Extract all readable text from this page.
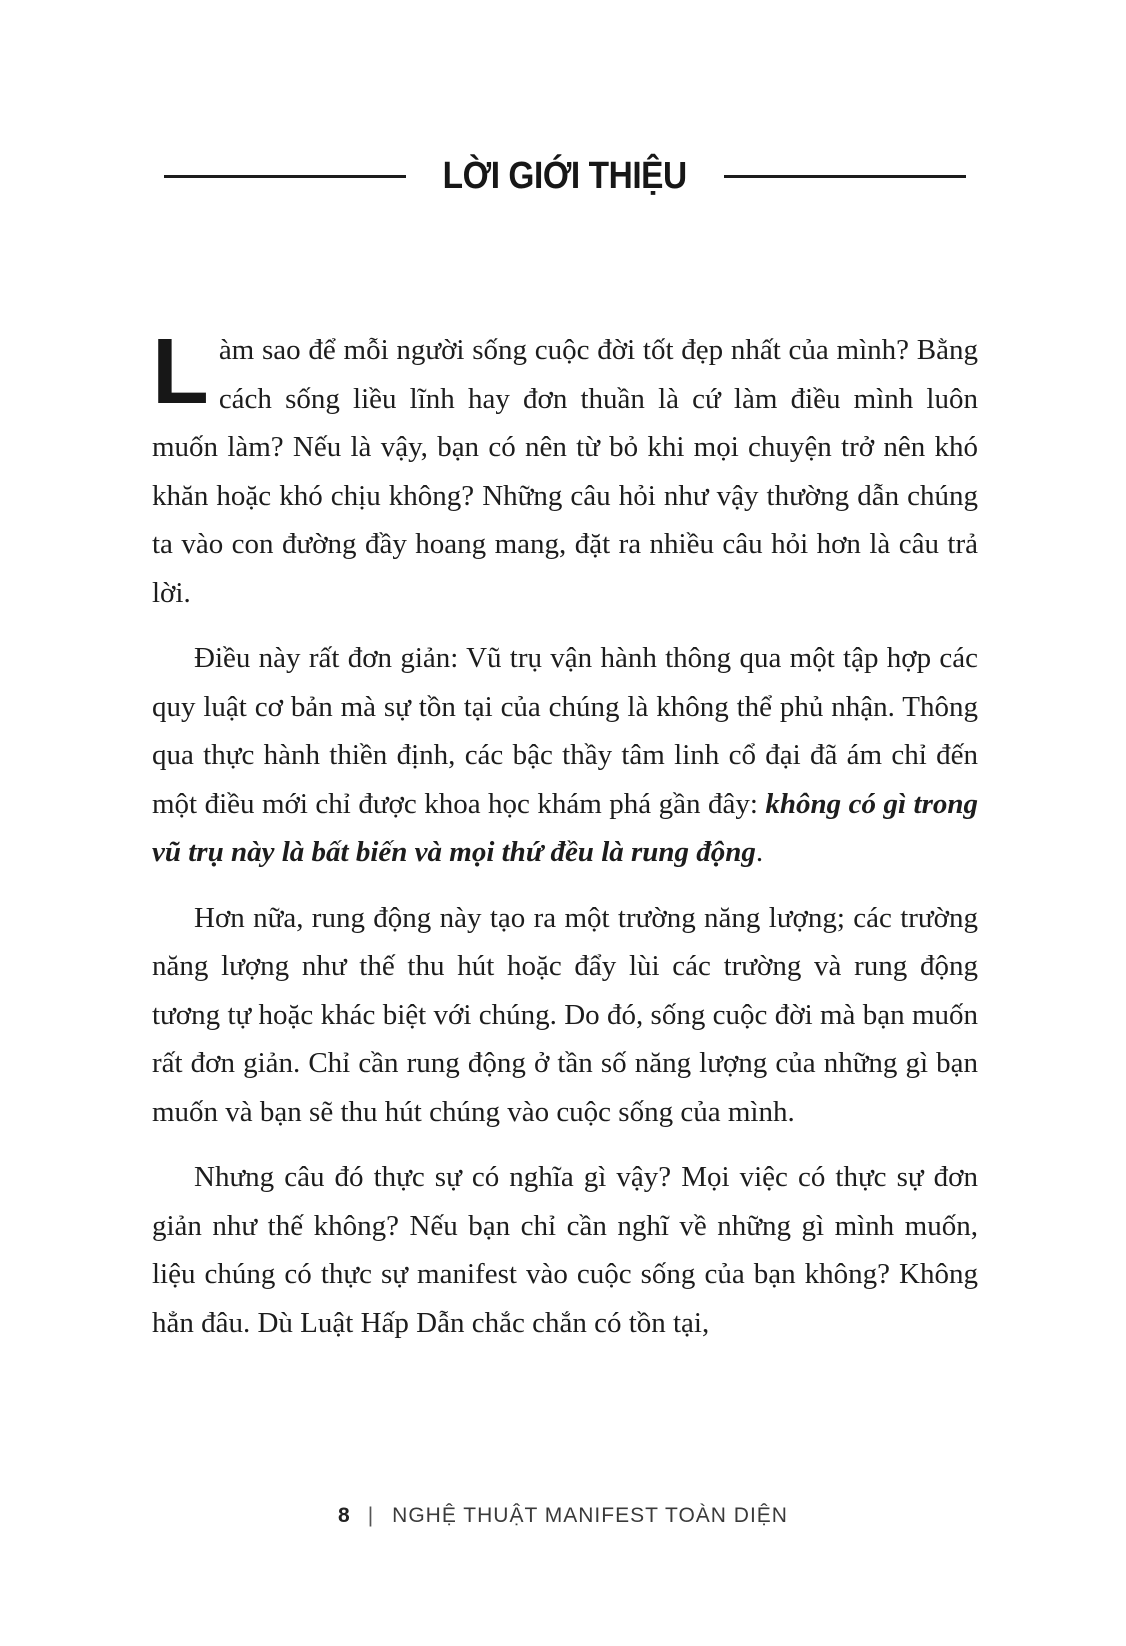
LỜI GIỚI THIỆU

Làm sao để mỗi người sống cuộc đời tốt đẹp nhất của mình? Bằng cách sống liều lĩnh hay đơn thuần là cứ làm điều mình luôn muốn làm? Nếu là vậy, bạn có nên từ bỏ khi mọi chuyện trở nên khó khăn hoặc khó chịu không? Những câu hỏi như vậy thường dẫn chúng ta vào con đường đầy hoang mang, đặt ra nhiều câu hỏi hơn là câu trả lời.

Điều này rất đơn giản: Vũ trụ vận hành thông qua một tập hợp các quy luật cơ bản mà sự tồn tại của chúng là không thể phủ nhận. Thông qua thực hành thiền định, các bậc thầy tâm linh cổ đại đã ám chỉ đến một điều mới chỉ được khoa học khám phá gần đây: không có gì trong vũ trụ này là bất biến và mọi thứ đều là rung động.

Hơn nữa, rung động này tạo ra một trường năng lượng; các trường năng lượng như thế thu hút hoặc đẩy lùi các trường và rung động tương tự hoặc khác biệt với chúng. Do đó, sống cuộc đời mà bạn muốn rất đơn giản. Chỉ cần rung động ở tần số năng lượng của những gì bạn muốn và bạn sẽ thu hút chúng vào cuộc sống của mình.

Nhưng câu đó thực sự có nghĩa gì vậy? Mọi việc có thực sự đơn giản như thế không? Nếu bạn chỉ cần nghĩ về những gì mình muốn, liệu chúng có thực sự manifest vào cuộc sống của bạn không? Không hẳn đâu. Dù Luật Hấp Dẫn chắc chắn có tồn tại,

8 | NGHỆ THUẬT MANIFEST TOÀN DIỆN
